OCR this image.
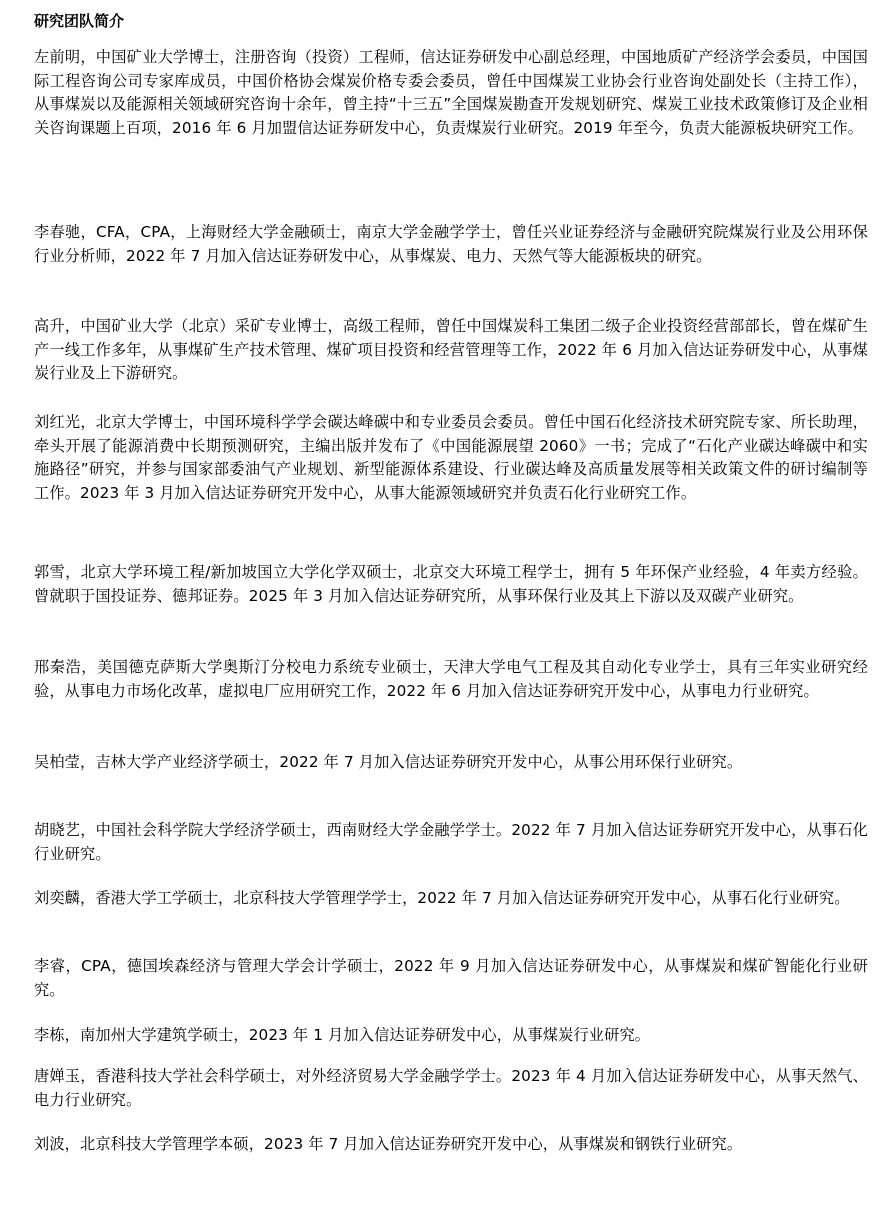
研究团队简介

左前明，中国矿业大学博士，注册咨询（投资）工程师，信达证券研发中心副总经理，中国地质矿产经济学会委员，中国国际工程咨询公司专家库成员，中国价格协会煤炭价格专委会委员，曾任中国煤炭工业协会行业咨询处副处长（主持工作），从事煤炭以及能源相关领域研究咨询十余年，曾主持“十三五”全国煤炭勘查开发规划研究、煤炭工业技术政策修订及企业相关咨询课题上百项，2016 年 6 月加盟信达证券研发中心，负责煤炭行业研究。2019 年至今，负责大能源板块研究工作。

李春驰，CFA，CPA，上海财经大学金融硕士，南京大学金融学学士，曾任兴业证券经济与金融研究院煤炭行业及公用环保行业分析师，2022 年 7 月加入信达证券研发中心，从事煤炭、电力、天然气等大能源板块的研究。

高升，中国矿业大学（北京）采矿专业博士，高级工程师，曾任中国煤炭科工集团二级子企业投资经营部部长，曾在煤矿生产一线工作多年，从事煤矿生产技术管理、煤矿项目投资和经营管理等工作，2022 年 6 月加入信达证券研发中心，从事煤炭行业及上下游研究。

刘红光，北京大学博士，中国环境科学学会碳达峰碳中和专业委员会委员。曾任中国石化经济技术研究院专家、所长助理，牵头开展了能源消费中长期预测研究，主编出版并发布了《中国能源展望 2060》一书；完成了“石化产业碳达峰碳中和实施路径”研究，并参与国家部委油气产业规划、新型能源体系建设、行业碳达峰及高质量发展等相关政策文件的研讨编制等工作。2023 年 3 月加入信达证券研究开发中心，从事大能源领域研究并负责石化行业研究工作。

郭雪，北京大学环境工程/新加坡国立大学化学双硕士，北京交大环境工程学士，拥有 5 年环保产业经验，4 年卖方经验。曾就职于国投证券、德邦证券。2025 年 3 月加入信达证券研究所，从事环保行业及其上下游以及双碳产业研究。

邢秦浩，美国德克萨斯大学奥斯汀分校电力系统专业硕士，天津大学电气工程及其自动化专业学士，具有三年实业研究经验，从事电力市场化改革，虚拟电厂应用研究工作，2022 年 6 月加入信达证券研究开发中心，从事电力行业研究。

吴柏莹，吉林大学产业经济学硕士，2022 年 7 月加入信达证券研究开发中心，从事公用环保行业研究。

胡晓艺，中国社会科学院大学经济学硕士，西南财经大学金融学学士。2022 年 7 月加入信达证券研究开发中心，从事石化行业研究。

刘奕麟，香港大学工学硕士，北京科技大学管理学学士，2022 年 7 月加入信达证券研究开发中心，从事石化行业研究。

李睿，CPA，德国埃森经济与管理大学会计学硕士，2022 年 9 月加入信达证券研发中心，从事煤炭和煤矿智能化行业研究。

李栋，南加州大学建筑学硕士，2023 年 1 月加入信达证券研发中心，从事煤炭行业研究。

唐婵玉，香港科技大学社会科学硕士，对外经济贸易大学金融学学士。2023 年 4 月加入信达证券研发中心，从事天然气、电力行业研究。

刘波，北京科技大学管理学本硕，2023 年 7 月加入信达证券研究开发中心，从事煤炭和钢铁行业研究。
